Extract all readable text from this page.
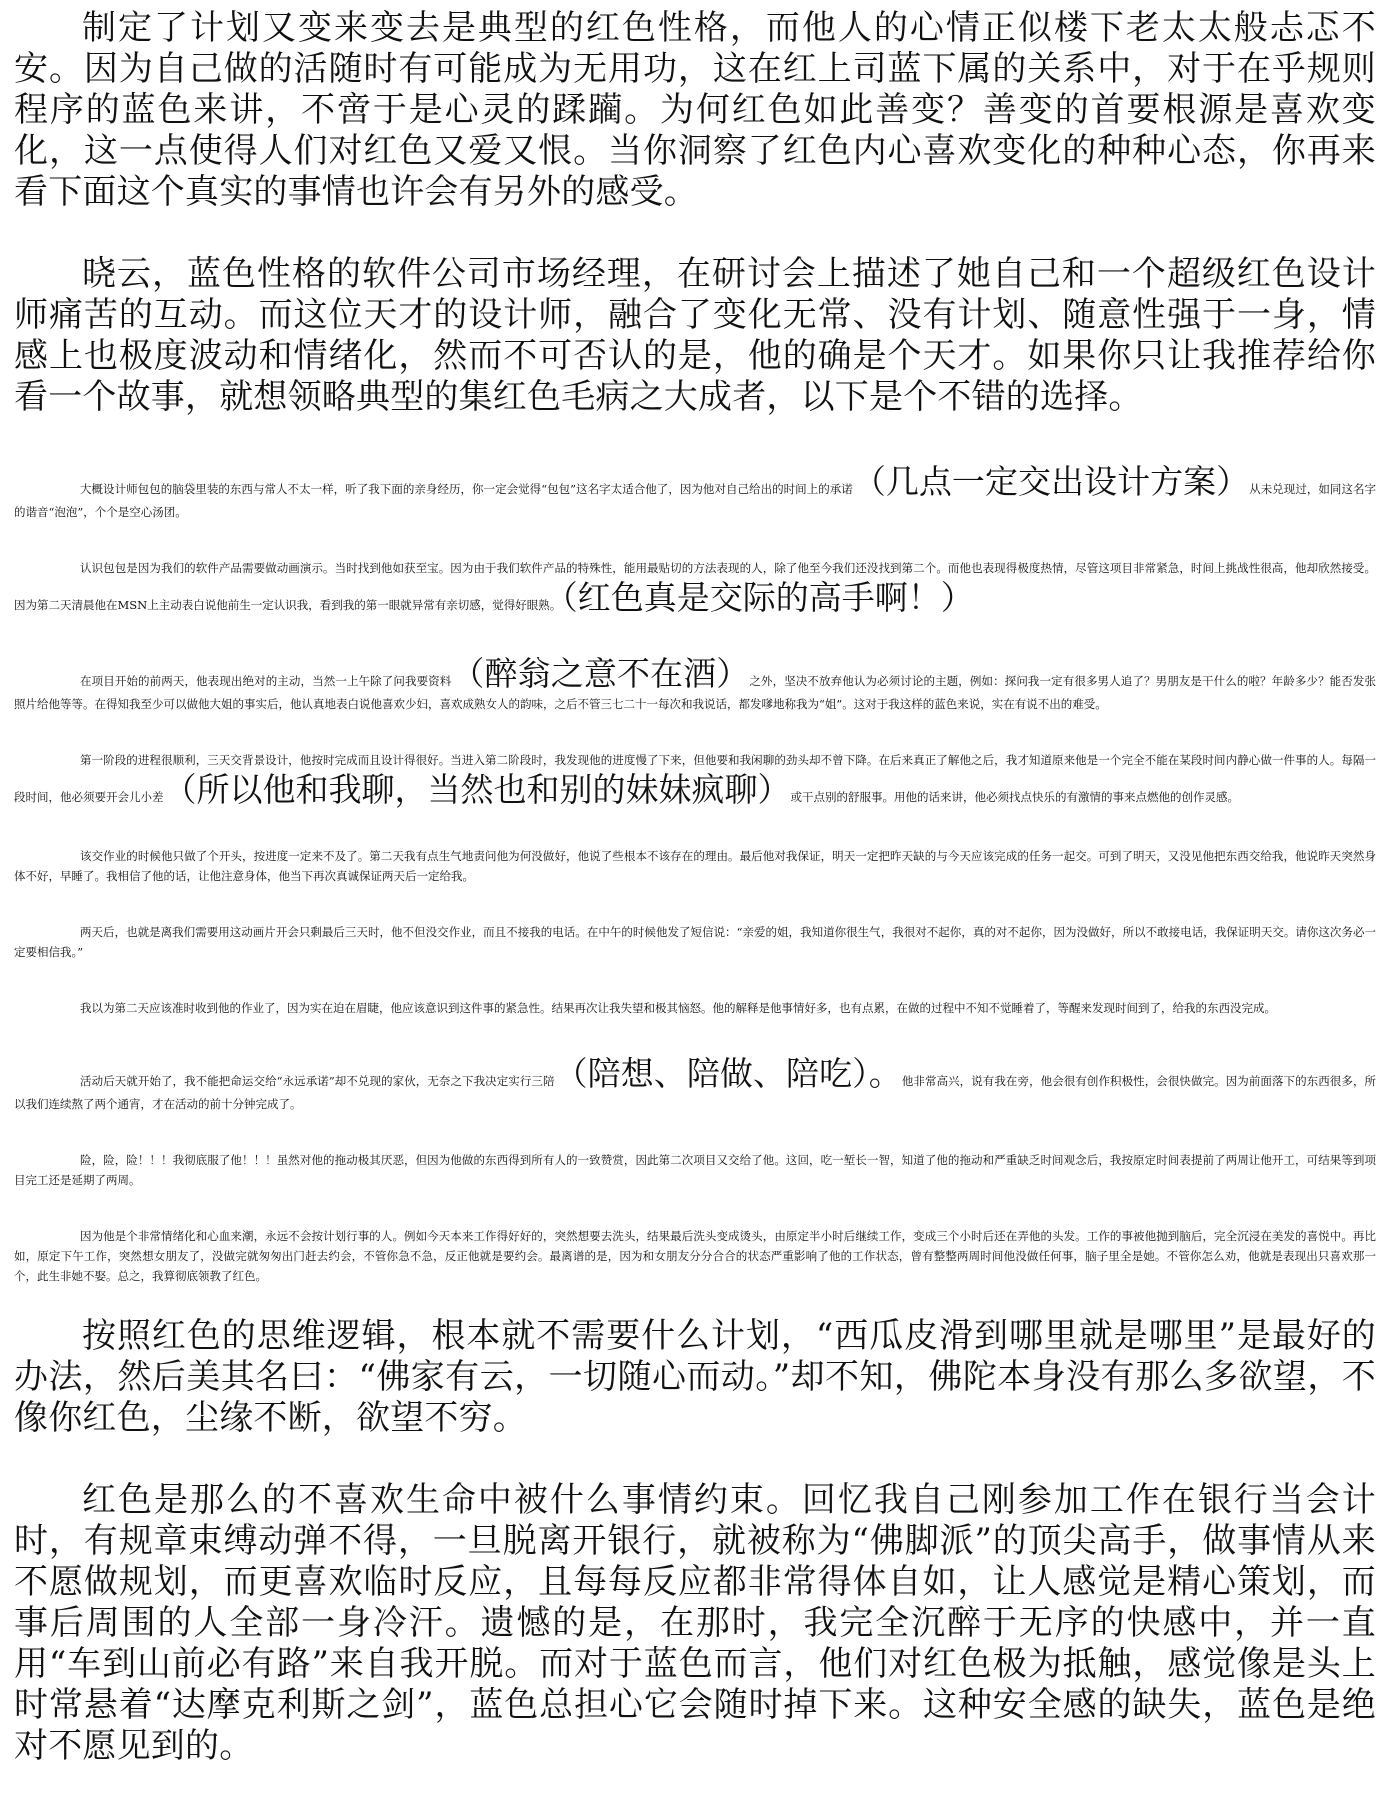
制定了计划又变来变去是典型的红色性格，而他人的心情正似楼下老太太般忐忑不安。因为自己做的活随时有可能成为无用功，这在红上司蓝下属的关系中，对于在乎规则程序的蓝色来讲，不啻于是心灵的蹂躏。为何红色如此善变？善变的首要根源是喜欢变化，这一点使得人们对红色又爱又恨。当你洞察了红色内心喜欢变化的种种心态，你再来看下面这个真实的事情也许会有另外的感受。

晓云，蓝色性格的软件公司市场经理，在研讨会上描述了她自己和一个超级红色设计师痛苦的互动。而这位天才的设计师，融合了变化无常、没有计划、随意性强于一身，情感上也极度波动和情绪化，然而不可否认的是，他的确是个天才。如果你只让我推荐给你看一个故事，就想领略典型的集红色毛病之大成者，以下是个不错的选择。

大概设计师包包的脑袋里装的东西与常人不太一样，听了我下面的亲身经历，你一定会觉得“包包”这名字太适合他了，因为他对自己给出的时间上的承诺（几点一定交出设计方案）从未兑现过，如同这名字的谐音“泡泡”，个个是空心汤团。

认识包包是因为我们的软件产品需要做动画演示。当时找到他如获至宝。因为由于我们软件产品的特殊性，能用最贴切的方法表现的人，除了他至今我们还没找到第二个。而他也表现得极度热情，尽管这项目非常紧急，时间上挑战性很高，他却欣然接受。因为第二天清晨他在MSN上主动表白说他前生一定认识我，看到我的第一眼就异常有亲切感，觉得好眼熟。（红色真是交际的高手啊！）

在项目开始的前两天，他表现出绝对的主动，当然一上午除了问我要资料（醉翁之意不在酒）之外，坚决不放弃他认为必须讨论的主题，例如：探问我一定有很多男人追了？男朋友是干什么的啦？年龄多少？能否发张照片给他等等。在得知我至少可以做他大姐的事实后，他认真地表白说他喜欢少妇，喜欢成熟女人的韵味，之后不管三七二十一每次和我说话，都发嗲地称我为“姐”。这对于我这样的蓝色来说，实在有说不出的难受。

第一阶段的进程很顺利，三天交背景设计，他按时完成而且设计得很好。当进入第二阶段时，我发现他的进度慢了下来，但他要和我闲聊的劲头却不曾下降。在后来真正了解他之后，我才知道原来他是一个完全不能在某段时间内静心做一件事的人。每隔一段时间，他必须要开会儿小差（所以他和我聊，当然也和别的妹妹疯聊）或干点别的舒服事。用他的话来讲，他必须找点快乐的有激情的事来点燃他的创作灵感。

该交作业的时候他只做了个开头，按进度一定来不及了。第二天我有点生气地责问他为何没做好，他说了些根本不该存在的理由。最后他对我保证，明天一定把昨天缺的与今天应该完成的任务一起交。可到了明天，又没见他把东西交给我，他说昨天突然身体不好，早睡了。我相信了他的话，让他注意身体，他当下再次真诚保证两天后一定给我。

两天后，也就是离我们需要用这动画片开会只剩最后三天时，他不但没交作业，而且不接我的电话。在中午的时候他发了短信说：“亲爱的姐，我知道你很生气，我很对不起你，真的对不起你，因为没做好，所以不敢接电话，我保证明天交。请你这次务必一定要相信我。”

我以为第二天应该准时收到他的作业了，因为实在迫在眉睫，他应该意识到这件事的紧急性。结果再次让我失望和极其恼怒。他的解释是他事情好多，也有点累，在做的过程中不知不觉睡着了，等醒来发现时间到了，给我的东西没完成。

活动后天就开始了，我不能把命运交给“永远承诺”却不兑现的家伙，无奈之下我决定实行三陪（陪想、陪做、陪吃）。他非常高兴，说有我在旁，他会很有创作积极性，会很快做完。因为前面落下的东西很多，所以我们连续熬了两个通宵，才在活动的前十分钟完成了。

险，险，险！！！我彻底服了他！！！虽然对他的拖动极其厌恶，但因为他做的东西得到所有人的一致赞赏，因此第二次项目又交给了他。这回，吃一堑长一智，知道了他的拖动和严重缺乏时间观念后，我按原定时间表提前了两周让他开工，可结果等到项目完工还是延期了两周。

因为他是个非常情绪化和心血来潮，永远不会按计划行事的人。例如今天本来工作得好好的，突然想要去洗头，结果最后洗头变成烫头，由原定半小时后继续工作，变成三个小时后还在弄他的头发。工作的事被他抛到脑后，完全沉浸在美发的喜悦中。再比如，原定下午工作，突然想女朋友了，没做完就匆匆出门赶去约会，不管你急不急，反正他就是要约会。最离谱的是，因为和女朋友分分合合的状态严重影响了他的工作状态，曾有整整两周时间他没做任何事，脑子里全是她。不管你怎么劝，他就是表现出只喜欢那一个，此生非她不娶。总之，我算彻底领教了红色。

按照红色的思维逻辑，根本就不需要什么计划，“西瓜皮滑到哪里就是哪里”是最好的办法，然后美其名曰：“佛家有云，一切随心而动。”却不知，佛陀本身没有那么多欲望，不像你红色，尘缘不断，欲望不穷。

红色是那么的不喜欢生命中被什么事情约束。回忆我自己刚参加工作在银行当会计时，有规章束缚动弹不得，一旦脱离开银行，就被称为“佛脚派”的顶尖高手，做事情从来不愿做规划，而更喜欢临时反应，且每每反应都非常得体自如，让人感觉是精心策划，而事后周围的人全部一身冷汗。遗憾的是，在那时，我完全沉醉于无序的快感中，并一直用“车到山前必有路”来自我开脱。而对于蓝色而言，他们对红色极为抵触，感觉像是头上时常悬着“达摩克利斯之剑”，蓝色总担心它会随时掉下来。这种安全感的缺失，蓝色是绝对不愿见到的。
